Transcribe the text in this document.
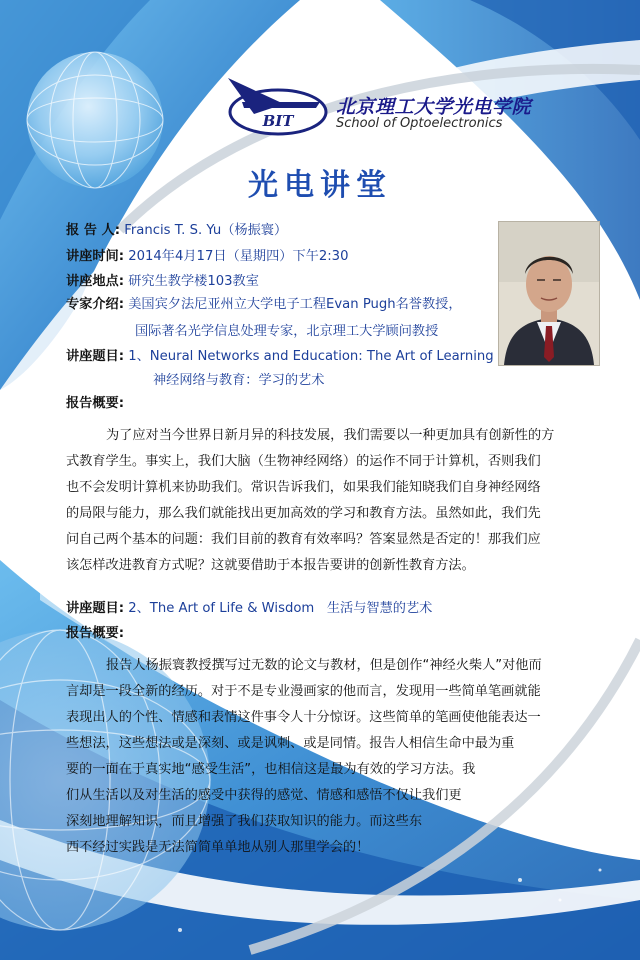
BIT
北京理工大学光电学院
School of Optoelectronics
光电讲堂
报 告 人: Francis T. S. Yu（杨振寰）
讲座时间: 2014年4月17日（星期四）下午2:30
讲座地点: 研究生教学楼103教室
专家介绍: 美国宾夕法尼亚州立大学电子工程Evan Pugh名誉教授，
国际著名光学信息处理专家，北京理工大学顾问教授
讲座题目: 1、Neural Networks and Education: The Art of Learning
神经网络与教育：学习的艺术
报告概要:
为了应对当今世界日新月异的科技发展，我们需要以一种更加具有创新性的方
式教育学生。事实上，我们大脑（生物神经网络）的运作不同于计算机，否则我们
也不会发明计算机来协助我们。常识告诉我们，如果我们能知晓我们自身神经网络
的局限与能力，那么我们就能找出更加高效的学习和教育方法。虽然如此，我们先
问自己两个基本的问题：我们目前的教育有效率吗？答案显然是否定的！那我们应
该怎样改进教育方式呢？这就要借助于本报告要讲的创新性教育方法。
讲座题目: 2、The Art of Life & Wisdom   生活与智慧的艺术
报告概要:
报告人杨振寰教授撰写过无数的论文与教材，但是创作“神经火柴人”对他而
言却是一段全新的经历。对于不是专业漫画家的他而言，发现用一些简单笔画就能
表现出人的个性、情感和表情这件事令人十分惊讶。这些简单的笔画使他能表达一
些想法，这些想法或是深刻、或是讽刺、或是同情。报告人相信生命中最为重
要的一面在于真实地“感受生活”，也相信这是最为有效的学习方法。我
们从生活以及对生活的感受中获得的感觉、情感和感悟不仅让我们更
深刻地理解知识，而且增强了我们获取知识的能力。而这些东
西不经过实践是无法简简单单地从别人那里学会的！
